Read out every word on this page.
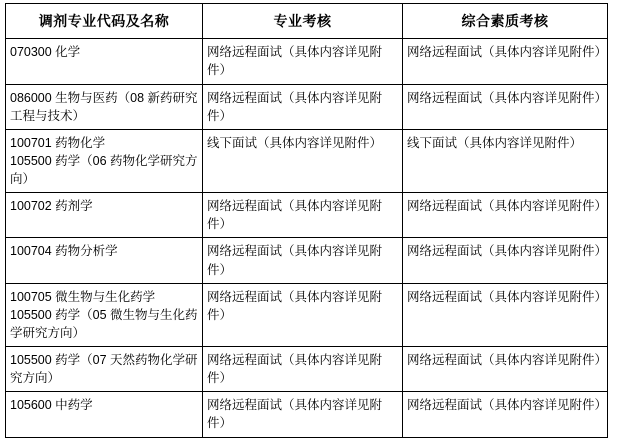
调剂专业代码及名称	专业考核	综合素质考核

070300 化学	网络远程面试（具体内容详见附件）	网络远程面试（具体内容详见附件）

086000 生物与医药（08 新药研究工程与技术）	网络远程面试（具体内容详见附件）	网络远程面试（具体内容详见附件）

100701 药物化学
105500 药学（06 药物化学研究方向）	线下面试（具体内容详见附件）	线下面试（具体内容详见附件）

100702 药剂学	网络远程面试（具体内容详见附件）	网络远程面试（具体内容详见附件）

100704 药物分析学	网络远程面试（具体内容详见附件）	网络远程面试（具体内容详见附件）

100705 微生物与生化药学
105500 药学（05 微生物与生化药学研究方向）	网络远程面试（具体内容详见附件）	网络远程面试（具体内容详见附件）

105500 药学（07 天然药物化学研究方向）	网络远程面试（具体内容详见附件）	网络远程面试（具体内容详见附件）

105600 中药学	网络远程面试（具体内容详见附件）	网络远程面试（具体内容详见附件）
